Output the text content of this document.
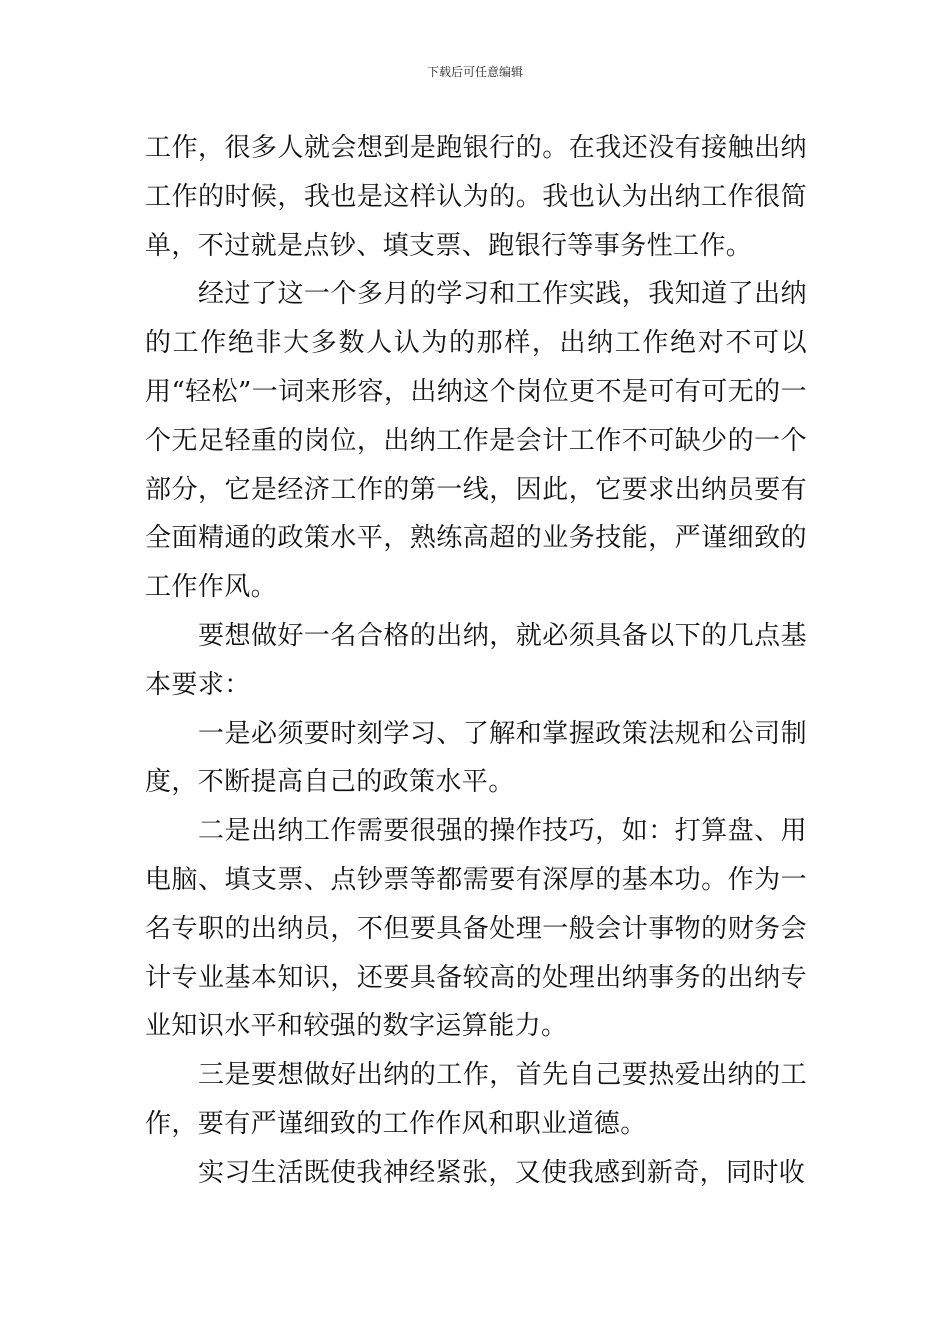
下载后可任意编辑

工作，很多人就会想到是跑银行的。在我还没有接触出纳工作的时候，我也是这样认为的。我也认为出纳工作很简单，不过就是点钞、填支票、跑银行等事务性工作。

经过了这一个多月的学习和工作实践，我知道了出纳的工作绝非大多数人认为的那样，出纳工作绝对不可以用“轻松”一词来形容，出纳这个岗位更不是可有可无的一个无足轻重的岗位，出纳工作是会计工作不可缺少的一个部分，它是经济工作的第一线，因此，它要求出纳员要有全面精通的政策水平，熟练高超的业务技能，严谨细致的工作作风。

要想做好一名合格的出纳，就必须具备以下的几点基本要求：

一是必须要时刻学习、了解和掌握政策法规和公司制度，不断提高自己的政策水平。

二是出纳工作需要很强的操作技巧，如：打算盘、用电脑、填支票、点钞票等都需要有深厚的基本功。作为一名专职的出纳员，不但要具备处理一般会计事物的财务会计专业基本知识，还要具备较高的处理出纳事务的出纳专业知识水平和较强的数字运算能力。

三是要想做好出纳的工作，首先自己要热爱出纳的工作，要有严谨细致的工作作风和职业道德。

实习生活既使我神经紧张，又使我感到新奇，同时收
